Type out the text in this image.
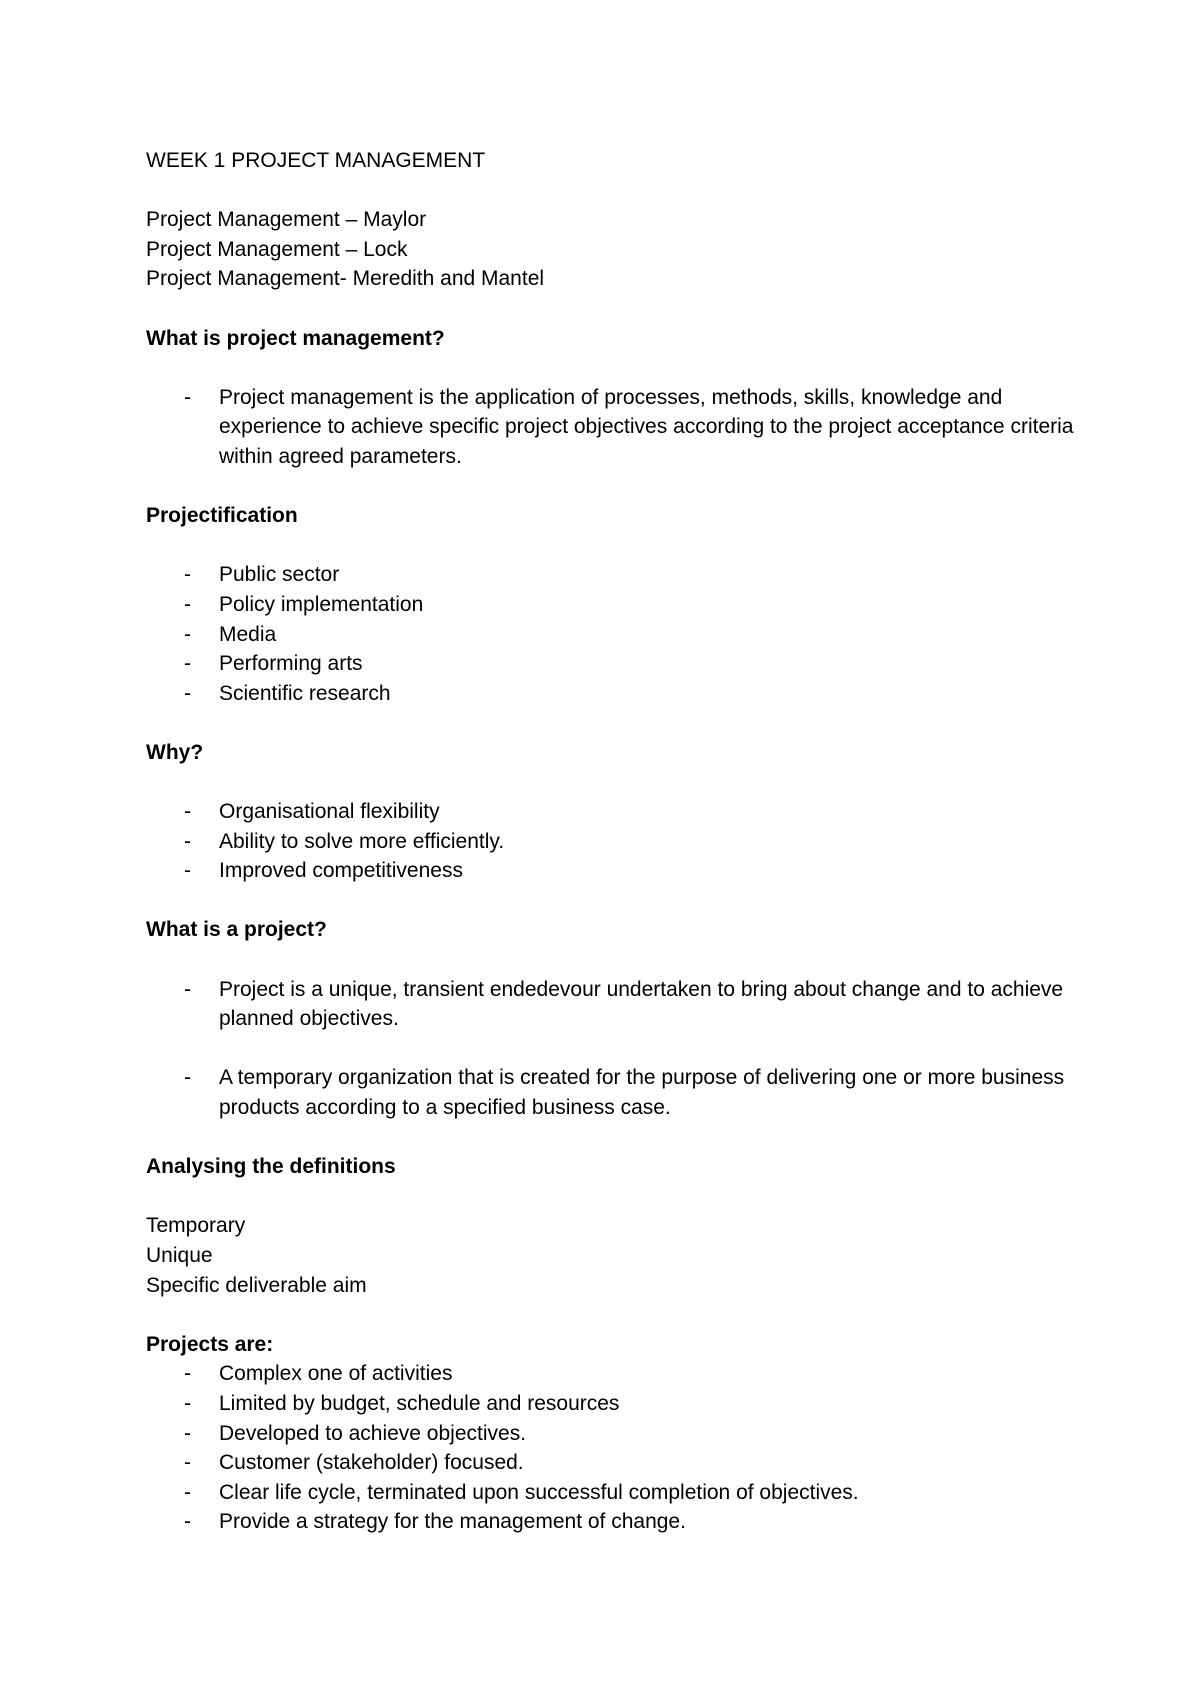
WEEK 1 PROJECT MANAGEMENT

Project Management – Maylor

Project Management – Lock

Project Management- Meredith and Mantel

What is project management?

- Project management is the application of processes, methods, skills, knowledge and experience to achieve specific project objectives according to the project acceptance criteria within agreed parameters.

Projectification

- Public sector
- Policy implementation
- Media
- Performing arts
- Scientific research

Why?

- Organisational flexibility
- Ability to solve more efficiently.
- Improved competitiveness

What is a project?

- Project is a unique, transient endedevour undertaken to bring about change and to achieve planned objectives.
- A temporary organization that is created for the purpose of delivering one or more business products according to a specified business case.

Analysing the definitions

Temporary

Unique

Specific deliverable aim

Projects are:

- Complex one of activities
- Limited by budget, schedule and resources
- Developed to achieve objectives.
- Customer (stakeholder) focused.
- Clear life cycle, terminated upon successful completion of objectives.
- Provide a strategy for the management of change.
